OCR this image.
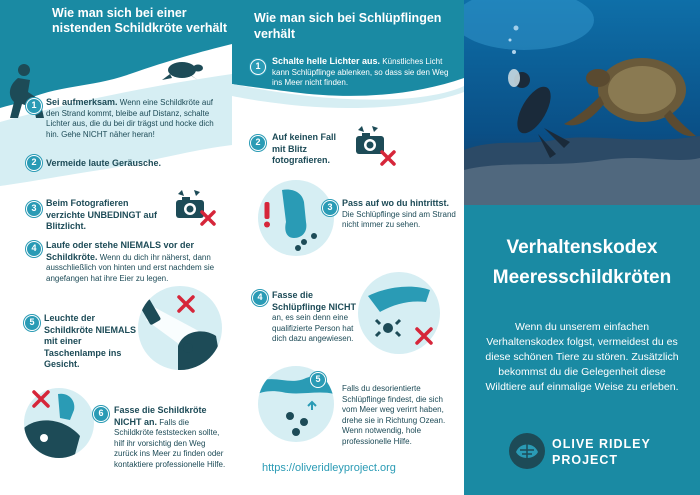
Wie man sich bei einer nistenden Schildkröte verhält
1	Sei aufmerksam. Wenn eine Schildkröte auf den Strand kommt, bleibe auf Distanz, schalte Lichter aus, die du bei dir trägst und hocke dich hin. Gehe NICHT näher heran!
2	Vermeide laute Geräusche.
3	Beim Fotografieren verzichte UNBEDINGT auf Blitzlicht.
4	Laufe oder stehe NIEMALS vor der Schildkröte. Wenn du dich ihr näherst, dann ausschließlich von hinten und erst nachdem sie angefangen hat ihre Eier zu legen.
5	Leuchte der Schildkröte NIEMALS mit einer Taschenlampe ins Gesicht.
6	Fasse die Schildkröte NICHT an. Falls die Schildkröte feststecken sollte, hilf ihr vorsichtig den Weg zurück ins Meer zu finden oder kontaktiere professionelle Hilfe.
Wie man sich bei Schlüpflingen verhält
1	Schalte helle Lichter aus. Künstliches Licht kann Schlüpflinge ablenken, so dass sie den Weg ins Meer nicht finden.
2	Auf keinen Fall mit Blitz fotografieren.
3	Pass auf wo du hintrittst. Die Schlüpflinge sind am Strand nicht immer zu sehen.
4	Fasse die Schlüpflinge NICHT an, es sein denn eine qualifizierte Person hat dich dazu angewiesen.
5
Falls du desorientierte Schlüpflinge findest, die sich vom Meer weg verirrt haben, drehe sie in Richtung Ozean. Wenn notwendig, hole professionelle Hilfe.
https://oliveridleyproject.org
Verhaltenskodex
Meeresschildkröten
Wenn du unserem einfachen Verhaltenskodex folgst, vermeidest du es diese schönen Tiere zu stören. Zusätzlich bekommst du die Gelegenheit diese Wildtiere auf einmalige Weise zu erleben.
OLIVE RIDLEY
PROJECT
